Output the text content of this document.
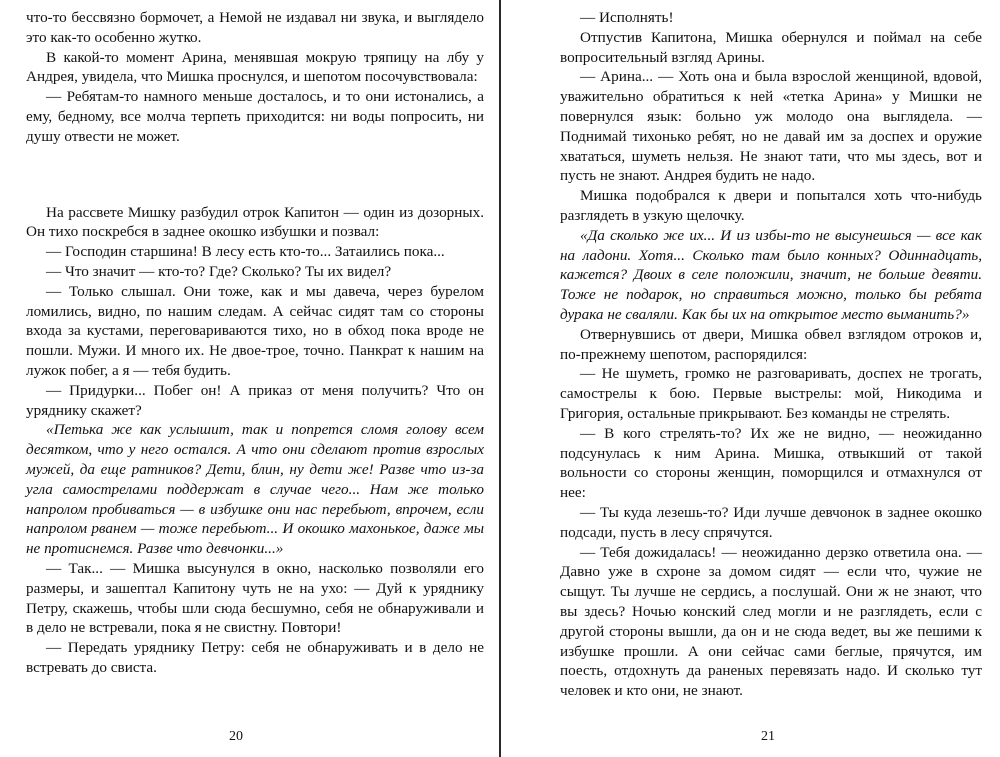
что-то бессвязно бормочет, а Немой не издавал ни звука, и выглядело это как-то особенно жутко.

В какой-то момент Арина, менявшая мокрую тряпицу на лбу у Андрея, увидела, что Мишка проснулся, и шепотом посочувствовала:

— Ребятам-то намного меньше досталось, и то они истонались, а ему, бедному, все молча терпеть приходится: ни воды попросить, ни душу отвести не может.

На рассвете Мишку разбудил отрок Капитон — один из дозорных. Он тихо поскребся в заднее окошко избушки и позвал:

— Господин старшина! В лесу есть кто-то... Затаились пока...

— Что значит — кто-то? Где? Сколько? Ты их видел?

— Только слышал. Они тоже, как и мы давеча, через бурелом ломились, видно, по нашим следам. А сейчас сидят там со стороны входа за кустами, переговариваются тихо, но в обход пока вроде не пошли. Мужи. И много их. Не двое-трое, точно. Панкрат к нашим на лужок побег, а я — тебя будить.

— Придурки... Побег он! А приказ от меня получить? Что он уряднику скажет?

«Петька же как услышит, так и попрется сломя голову всем десятком, что у него остался. А что они сделают против взрослых мужей, да еще ратников? Дети, блин, ну дети же! Разве что из-за угла самострелами поддержат в случае чего... Нам же только напролом пробиваться — в избушке они нас перебьют, впрочем, если напролом рванем — тоже перебьют... И окошко махонькое, даже мы не протиснемся. Разве что девчонки...»

— Так... — Мишка высунулся в окно, насколько позволяли его размеры, и зашептал Капитону чуть не на ухо: — Дуй к уряднику Петру, скажешь, чтобы шли сюда бесшумно, себя не обнаруживали и в дело не встревали, пока я не свистну. Повтори!

— Передать уряднику Петру: себя не обнаруживать и в дело не встревать до свиста.

20

— Исполнять!

Отпустив Капитона, Мишка обернулся и поймал на себе вопросительный взгляд Арины.

— Арина... — Хоть она и была взрослой женщиной, вдовой, уважительно обратиться к ней «тетка Арина» у Мишки не повернулся язык: больно уж молодо она выглядела. — Поднимай тихонько ребят, но не давай им за доспех и оружие хвататься, шуметь нельзя. Не знают тати, что мы здесь, вот и пусть не знают. Андрея будить не надо.

Мишка подобрался к двери и попытался хоть что-нибудь разглядеть в узкую щелочку.

«Да сколько же их... И из избы-то не высунешься — все как на ладони. Хотя... Сколько там было конных? Одиннадцать, кажется? Двоих в селе положили, значит, не больше девяти. Тоже не подарок, но справиться можно, только бы ребята дурака не сваляли. Как бы их на открытое место выманить?»

Отвернувшись от двери, Мишка обвел взглядом отроков и, по-прежнему шепотом, распорядился:

— Не шуметь, громко не разговаривать, доспех не трогать, самострелы к бою. Первые выстрелы: мой, Никодима и Григория, остальные прикрывают. Без команды не стрелять.

— В кого стрелять-то? Их же не видно, — неожиданно подсунулась к ним Арина. Мишка, отвыкший от такой вольности со стороны женщин, поморщился и отмахнулся от нее:

— Ты куда лезешь-то? Иди лучше девчонок в заднее окошко подсади, пусть в лесу спрячутся.

— Тебя дожидалась! — неожиданно дерзко ответила она. — Давно уже в схроне за домом сидят — если что, чужие не сыщут. Ты лучше не сердись, а послушай. Они ж не знают, что вы здесь? Ночью конский след могли и не разглядеть, если с другой стороны вышли, да он и не сюда ведет, вы же пешими к избушке прошли. А они сейчас сами беглые, прячутся, им поесть, отдохнуть да раненых перевязать надо. И сколько тут человек и кто они, не знают.

21
